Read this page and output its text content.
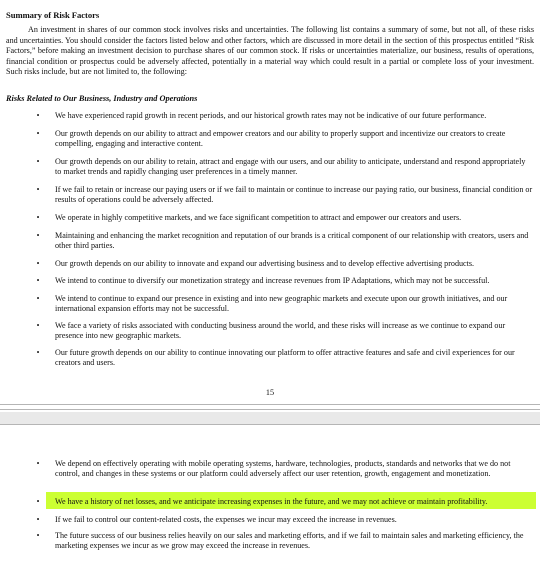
Summary of Risk Factors
An investment in shares of our common stock involves risks and uncertainties. The following list contains a summary of some, but not all, of these risks and uncertainties. You should consider the factors listed below and other factors, which are discussed in more detail in the section of this prospectus entitled “Risk Factors,” before making an investment decision to purchase shares of our common stock. If risks or uncertainties materialize, our business, results of operations, financial condition or prospectus could be adversely affected, potentially in a material way which could result in a partial or complete loss of your investment. Such risks include, but are not limited to, the following:
Risks Related to Our Business, Industry and Operations
• We have experienced rapid growth in recent periods, and our historical growth rates may not be indicative of our future performance.
• Our growth depends on our ability to attract and empower creators and our ability to properly support and incentivize our creators to create compelling, engaging and interactive content.
• Our growth depends on our ability to retain, attract and engage with our users, and our ability to anticipate, understand and respond appropriately to market trends and rapidly changing user preferences in a timely manner.
• If we fail to retain or increase our paying users or if we fail to maintain or continue to increase our paying ratio, our business, financial condition or results of operations could be adversely affected.
• We operate in highly competitive markets, and we face significant competition to attract and empower our creators and users.
• Maintaining and enhancing the market recognition and reputation of our brands is a critical component of our relationship with creators, users and other third parties.
• Our growth depends on our ability to innovate and expand our advertising business and to develop effective advertising products.
• We intend to continue to diversify our monetization strategy and increase revenues from IP Adaptations, which may not be successful.
• We intend to continue to expand our presence in existing and into new geographic markets and execute upon our growth initiatives, and our international expansion efforts may not be successful.
• We face a variety of risks associated with conducting business around the world, and these risks will increase as we continue to expand our presence into new geographic markets.
• Our future growth depends on our ability to continue innovating our platform to offer attractive features and safe and civil experiences for our creators and users.
15
• We depend on effectively operating with mobile operating systems, hardware, technologies, products, standards and networks that we do not control, and changes in these systems or our platform could adversely affect our user retention, growth, engagement and monetization.
• We have a history of net losses, and we anticipate increasing expenses in the future, and we may not achieve or maintain profitability.
• If we fail to control our content-related costs, the expenses we incur may exceed the increase in revenues.
• The future success of our business relies heavily on our sales and marketing efforts, and if we fail to maintain sales and marketing efficiency, the marketing expenses we incur as we grow may exceed the increase in revenues.
